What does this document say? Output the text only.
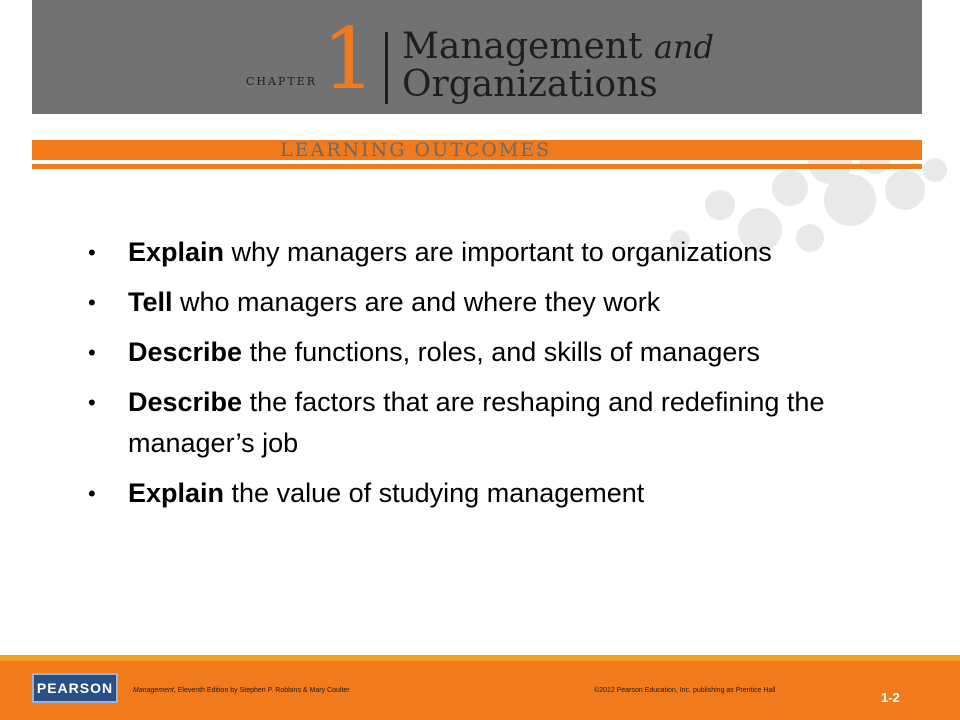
CHAPTER 1 Management and
Organizations
LEARNING OUTCOMES
• Explain why managers are important to organizations
• Tell who managers are and where they work
• Describe the functions, roles, and skills of managers
• Describe the factors that are reshaping and redefining the manager’s job
• Explain the value of studying management
PEARSON	Management, Eleventh Edition by Stephen P. Robbins & Mary Coulter	©2012 Pearson Education, Inc. publishing as Prentice Hall	1-2
